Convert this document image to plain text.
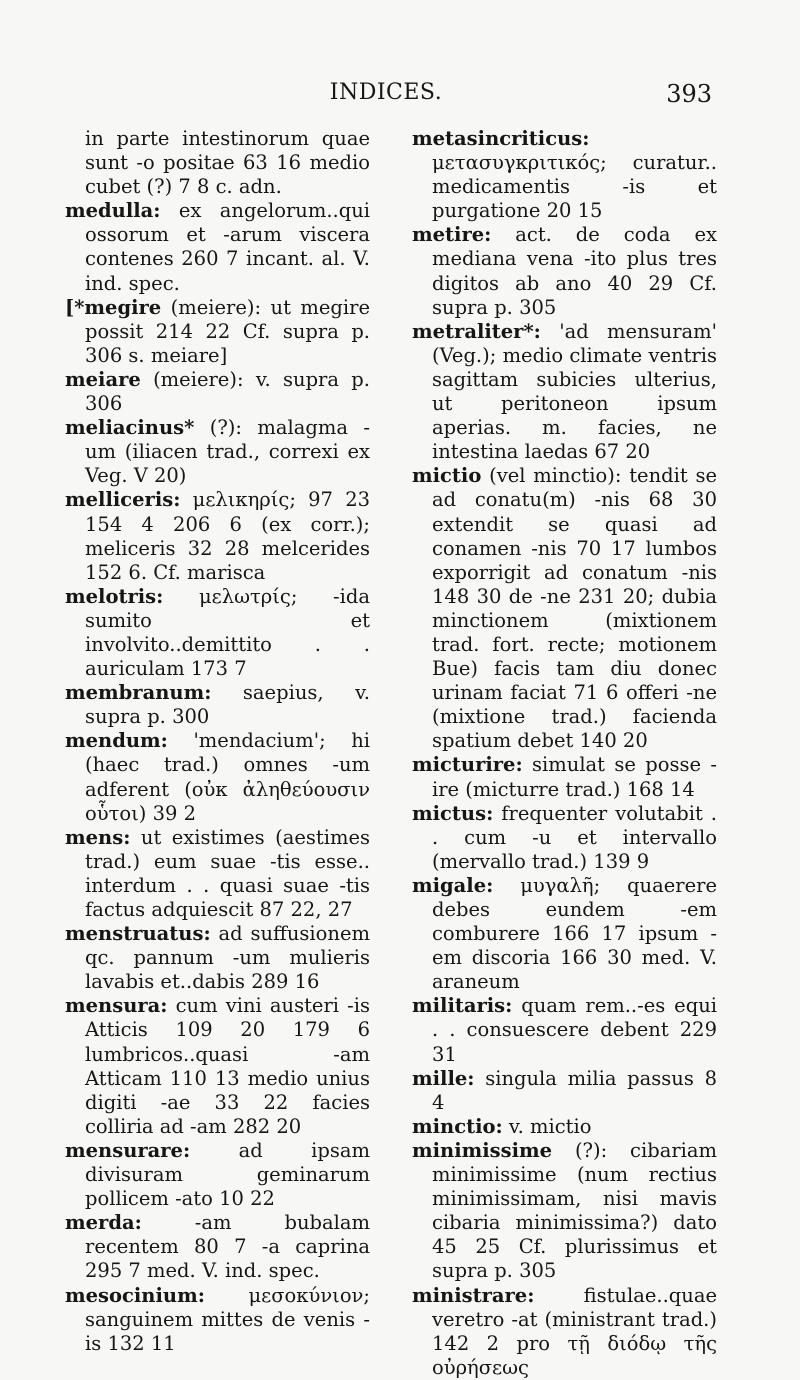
INDICES.	393

in parte intestinorum quae sunt -o positae 63 16 medio cubet (?) 7 8 c. adn.

medulla: ex angelorum..qui ossorum et -arum viscera contenes 260 7 incant. al. V. ind. spec.

[*megire (meiere): ut megire possit 214 22 Cf. supra p. 306 s. meiare]

meiare (meiere): v. supra p. 306

meliacinus* (?): malagma -um (iliacen trad., correxi ex Veg. V 20)

melliceris: μελικηρίς; 97 23 154 4 206 6 (ex corr.); meliceris 32 28 melcerides 152 6. Cf. marisca

melotris: μελωτρίς; -ida sumito et involvito..demittito . . auriculam 173 7

membranum: saepius, v. supra p. 300

mendum: 'mendacium'; hi (haec trad.) omnes -um adferent (οὐκ ἀληθεύουσιν οὗτοι) 39 2

mens: ut existimes (aestimes trad.) eum suae -tis esse.. interdum . . quasi suae -tis factus adquiescit 87 22, 27

menstruatus: ad suffusionem qc. pannum -um mulieris lavabis et..dabis 289 16

mensura: cum vini austeri -is Atticis 109 20 179 6 lumbricos..quasi -am Atticam 110 13 medio unius digiti -ae 33 22 facies colliria ad -am 282 20

mensurare: ad ipsam divisuram geminarum pollicem -ato 10 22

merda:	-am bubalam recentem 80 7 -a caprina 295 7 med. V. ind. spec.

mesocinium: μεσοκύνιον; sanguinem mittes de venis -is 132 11

metasincriticus: μετασυγκριτικός; curatur.. medicamentis -is et purgatione 20 15

metire: act. de coda ex mediana vena -ito plus tres digitos ab ano 40 29 Cf. supra p. 305

metraliter*: 'ad mensuram' (Veg.); medio climate ventris sagittam subicies ulterius, ut peritoneon ipsum aperias. m. facies, ne intestina laedas 67 20

mictio (vel minctio): tendit se ad conatu(m) -nis 68 30 extendit se quasi ad conamen -nis 70 17 lumbos exporrigit ad conatum -nis 148 30 de -ne 231 20; dubia minctionem (mixtionem trad. fort. recte; motionem Bue) facis tam diu donec urinam faciat 71 6 offeri -ne (mixtione trad.) facienda spatium debet 140 20

micturire: simulat se posse -ire (micturre trad.) 168 14

mictus: frequenter volutabit . . cum -u et intervallo (mervallo trad.) 139 9

migale: μυγαλῆ; quaerere debes eundem -em comburere 166 17 ipsum -em discoria 166 30 med. V. araneum

militaris: quam rem..-es equi . . consuescere debent 229 31

mille: singula milia passus 8 4

minctio: v. mictio

minimissime (?): cibariam minimissime (num rectius minimissimam, nisi mavis cibaria minimissima?) dato 45 25 Cf. plurissimus et supra p. 305

ministrare:	fistulae..quae veretro -at (ministrant trad.) 142 2 pro τῇ διόδῳ τῆς οὐρήσεως
